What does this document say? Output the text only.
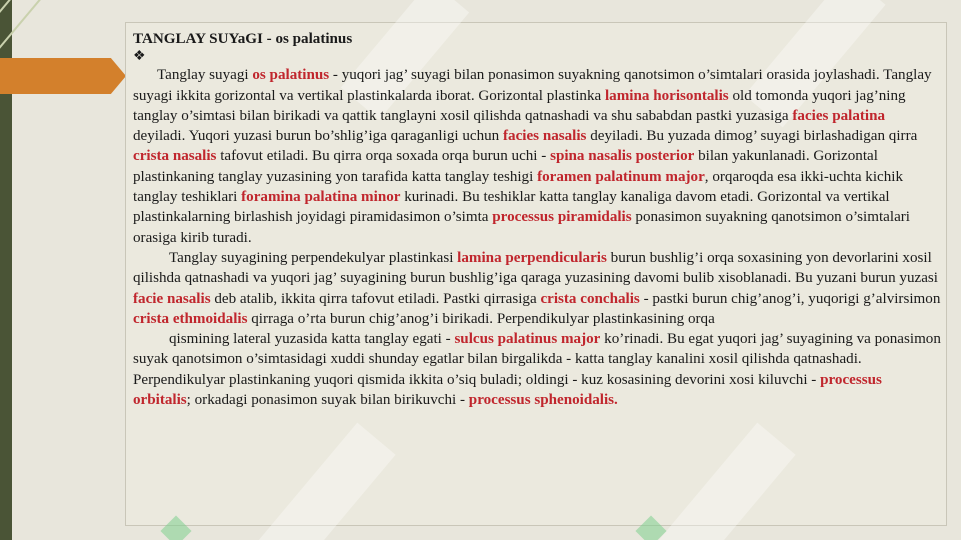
TANGLAY SUYaGI - os palatinus

❖

Tanglay suyagi os palatinus - yuqori jag’ suyagi bilan ponasimon suyakning qanotsimon o’simtalari orasida joylashadi. Tanglay suyagi ikkita gorizontal va vertikal plastinkalarda iborat. Gorizontal plastinka lamina horisontalis old tomonda yuqori jag’ning tanglay o’simtasi bilan birikadi va qattik tanglayni xosil qilishda qatnashadi va shu sababdan pastki yuzasiga facies palatina deyiladi. Yuqori yuzasi burun bo’shlig’iga qaraganligi uchun facies nasalis deyiladi. Bu yuzada dimog’ suyagi birlashadigan qirra crista nasalis tafovut etiladi. Bu qirra orqa soxada orqa burun uchi - spina nasalis posterior bilan yakunlanadi. Gorizontal plastinkaning tanglay yuzasining yon tarafida katta tanglay teshigi foramen palatinum major, orqaroqda esa ikki-uchta kichik tanglay teshiklari foramina palatina minor kurinadi. Bu teshiklar katta tanglay kanaliga davom etadi. Gorizontal va vertikal plastinkalarning birlashish joyidagi piramidasimon o’simta processus piramidalis ponasimon suyakning qanotsimon o’simtalari orasiga kirib turadi.

Tanglay suyagining perpendekulyar plastinkasi lamina perpendicularis burun bushlig’i orqa soxasining yon devorlarini xosil qilishda qatnashadi va yuqori jag’ suyagining burun bushlig’iga qaraga yuzasining davomi bulib xisoblanadi. Bu yuzani burun yuzasi facie nasalis deb atalib, ikkita qirra tafovut etiladi. Pastki qirrasiga crista conchalis - pastki burun chig’anog’i, yuqorigi g’alvirsimon crista ethmoidalis qirraga o’rta burun chig’anog’i birikadi. Perpendikulyar plastinkasining orqa

qismining lateral yuzasida katta tanglay egati - sulcus palatinus major ko’rinadi. Bu egat yuqori jag’ suyagining va ponasimon suyak qanotsimon o’simtasidagi xuddi shunday egatlar bilan birgalikda - katta tanglay kanalini xosil qilishda qatnashadi. Perpendikulyar plastinkaning yuqori qismida ikkita o’siq buladi; oldingi - kuz kosasining devorini xosi kiluvchi - processus orbitalis; orkadagi ponasimon suyak bilan birikuvchi - processus sphenoidalis.
